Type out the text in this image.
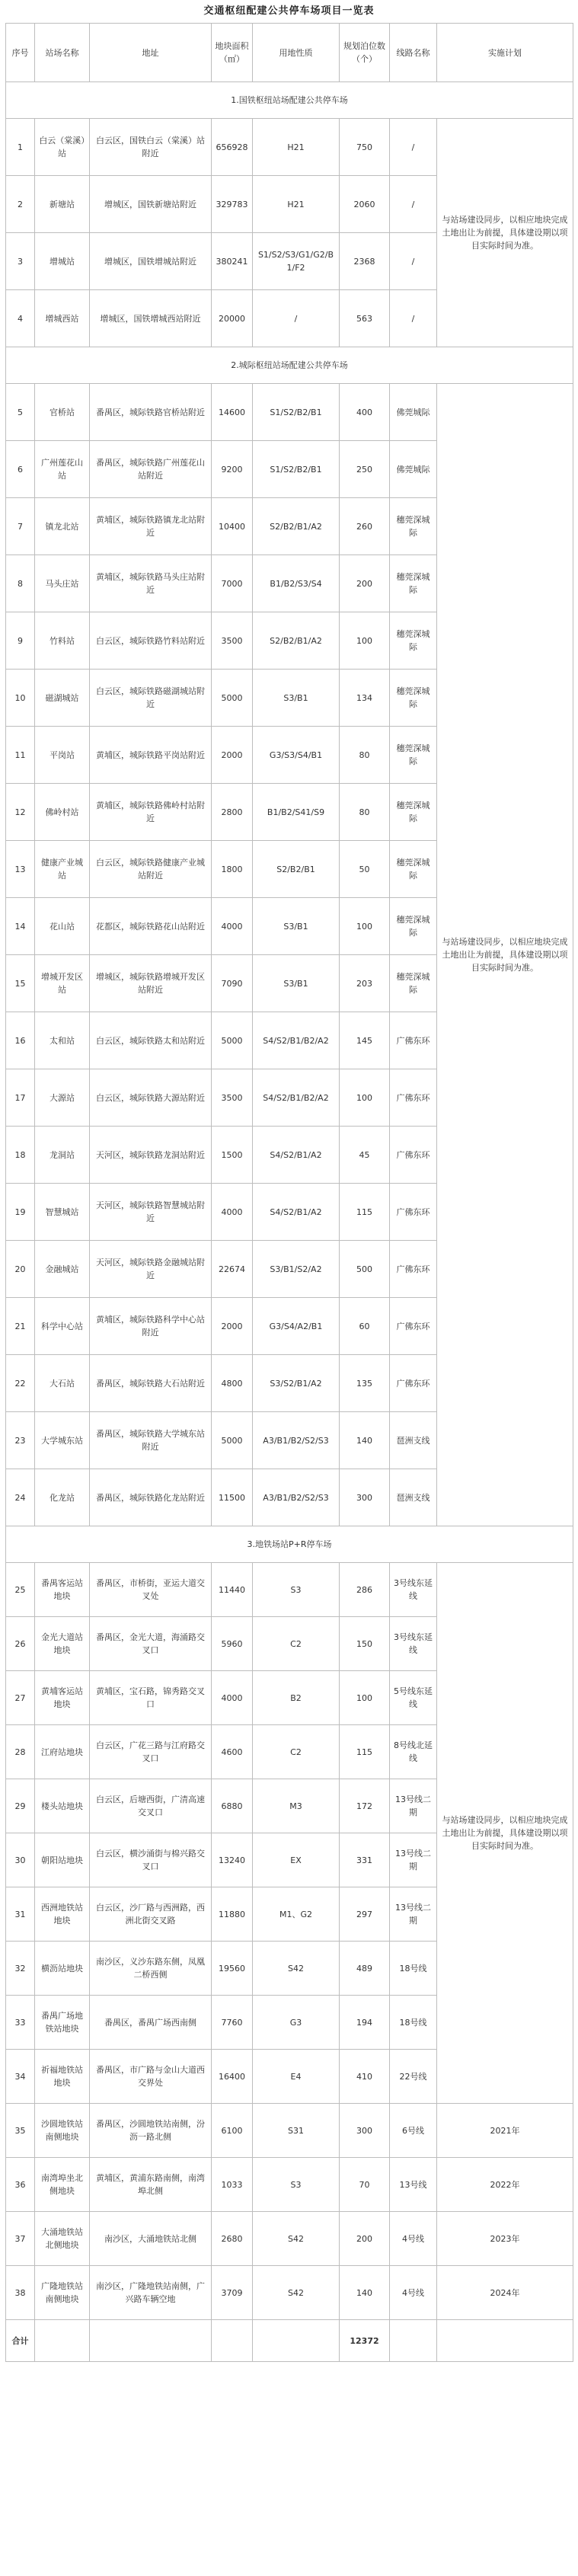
交通枢纽配建公共停车场项目一览表
序号	站场名称	地址	地块面积（㎡）	用地性质	规划泊位数（个）	线路名称	实施计划
1.国铁枢纽站场配建公共停车场							
1	白云（棠溪）站	白云区，国铁白云（棠溪）站附近	656928	H21	750	/	与站场建设同步，以相应地块完成土地出让为前提，具体建设期以项目实际时间为准。
2	新塘站	增城区，国铁新塘站附近	329783	H21	2060	/	
3	增城站	增城区，国铁增城站附近	380241	S1/S2/S3/G1/G2/B1/F2	2368	/	
4	增城西站	增城区，国铁增城西站附近	20000	/	563	/	
2.城际枢纽站场配建公共停车场							
5	官桥站	番禺区，城际铁路官桥站附近	14600	S1/S2/B2/B1	400	佛莞城际	与站场建设同步，以相应地块完成土地出让为前提，具体建设期以项目实际时间为准。
6	广州莲花山站	番禺区，城际铁路广州莲花山站附近	9200	S1/S2/B2/B1	250	佛莞城际	
7	镇龙北站	黄埔区，城际铁路镇龙北站附近	10400	S2/B2/B1/A2	260	穗莞深城际	
8	马头庄站	黄埔区，城际铁路马头庄站附近	7000	B1/B2/S3/S4	200	穗莞深城际	
9	竹料站	白云区，城际铁路竹料站附近	3500	S2/B2/B1/A2	100	穗莞深城际	
10	磁湖城站	白云区，城际铁路磁湖城站附近	5000	S3/B1	134	穗莞深城际	
11	平岗站	黄埔区，城际铁路平岗站附近	2000	G3/S3/S4/B1	80	穗莞深城际	
12	佛岭村站	黄埔区，城际铁路佛岭村站附近	2800	B1/B2/S41/S9	80	穗莞深城际	
13	健康产业城站	白云区，城际铁路健康产业城站附近	1800	S2/B2/B1	50	穗莞深城际	
14	花山站	花都区，城际铁路花山站附近	4000	S3/B1	100	穗莞深城际	
15	增城开发区站	增城区，城际铁路增城开发区站附近	7090	S3/B1	203	穗莞深城际	
16	太和站	白云区，城际铁路太和站附近	5000	S4/S2/B1/B2/A2	145	广佛东环	
17	大源站	白云区，城际铁路大源站附近	3500	S4/S2/B1/B2/A2	100	广佛东环	
18	龙洞站	天河区，城际铁路龙洞站附近	1500	S4/S2/B1/A2	45	广佛东环	
19	智慧城站	天河区，城际铁路智慧城站附近	4000	S4/S2/B1/A2	115	广佛东环	
20	金融城站	天河区，城际铁路金融城站附近	22674	S3/B1/S2/A2	500	广佛东环	
21	科学中心站	黄埔区，城际铁路科学中心站附近	2000	G3/S4/A2/B1	60	广佛东环	
22	大石站	番禺区，城际铁路大石站附近	4800	S3/S2/B1/A2	135	广佛东环	
23	大学城东站	番禺区，城际铁路大学城东站附近	5000	A3/B1/B2/S2/S3	140	琶洲支线	
24	化龙站	番禺区，城际铁路化龙站附近	11500	A3/B1/B2/S2/S3	300	琶洲支线	
3.地铁场站P+R停车场							
25	番禺客运站地块	番禺区，市桥街，亚运大道交叉处	11440	S3	286	3号线东延线	与站场建设同步，以相应地块完成土地出让为前提，具体建设期以项目实际时间为准。
26	金光大道站地块	番禺区，金光大道，海涌路交叉口	5960	C2	150	3号线东延线	
27	黄埔客运站地块	黄埔区，宝石路，锦秀路交叉口	4000	B2	100	5号线东延线	
28	江府站地块	白云区，广花三路与江府路交叉口	4600	C2	115	8号线北延线	
29	楼头站地块	白云区，后塘西街，广清高速交叉口	6880	M3	172	13号线二期	
30	朝阳站地块	白云区，横沙涌街与棉兴路交叉口	13240	EX	331	13号线二期	
31	西洲地铁站地块	白云区，沙厂路与西洲路，西洲北街交叉路	11880	M1、G2	297	13号线二期	
32	横沥站地块	南沙区，义沙东路东侧，凤凰二桥西侧	19560	S42	489	18号线	
33	番禺广场地铁站地块	番禺区，番禺广场西南侧	7760	G3	194	18号线	
34	祈福地铁站地块	番禺区，市广路与金山大道西交界处	16400	E4	410	22号线	
35	沙圆地铁站南侧地块	番禺区，沙圆地铁站南侧，汾沥一路北侧	6100	S31	300	6号线	2021年
36	南湾埠坐北侧地块	黄埔区，黄浦东路南侧，南湾埠北侧	1033	S3	70	13号线	2022年
37	大涌地铁站北侧地块	南沙区，大涌地铁站北侧	2680	S42	200	4号线	2023年
38	广隆地铁站南侧地块	南沙区，广隆地铁站南侧，广兴路车辆空地	3709	S42	140	4号线	2024年
合计					12372		
